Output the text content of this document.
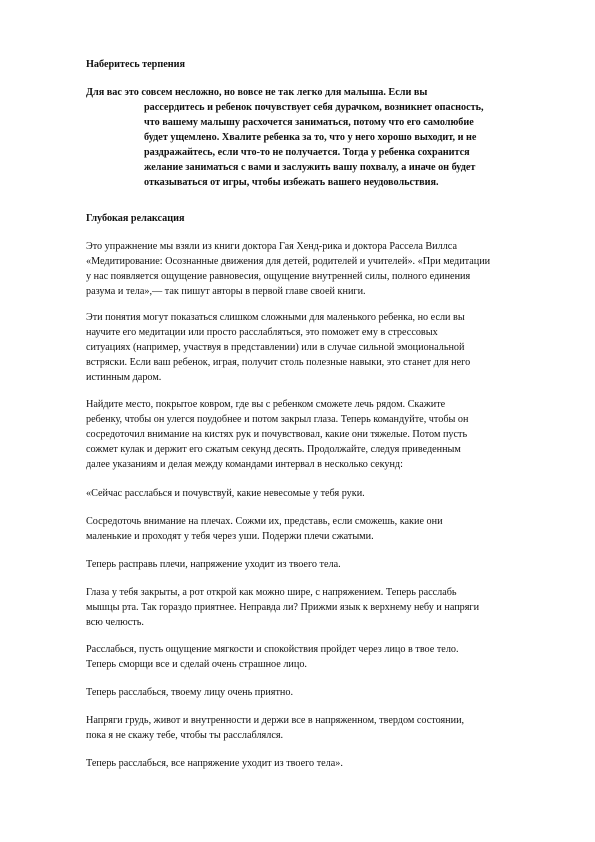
Наберитесь терпения
Для вас это совсем несложно, но вовсе не так легко для малыша. Если вы
рассердитесь и ребенок почувствует себя дурачком, возникнет опасность,
что вашему малышу расхочется заниматься, потому что его самолюбие
будет ущемлено. Хвалите ребенка за то, что у него хорошо выходит, и не
раздражайтесь, если что-то не получается. Тогда у ребенка сохранится
желание заниматься с вами и заслужить вашу похвалу, а иначе он будет
отказываться от игры, чтобы избежать вашего неудовольствия.
Глубокая релаксация
Это упражнение мы взяли из книги доктора Гая Хенд-рика и доктора Рассела Виллса
«Медитирование: Осознанные движения для детей, родителей и учителей». «При медитации
у нас появляется ощущение равновесия, ощущение внутренней силы, полного единения
разума и тела»,— так пишут авторы в первой главе своей книги.
Эти понятия могут показаться слишком сложными для маленького ребенка, но если вы
научите его медитации или просто расслабляться, это поможет ему в стрессовых
ситуациях (например, участвуя в представлении) или в случае сильной эмоциональной
встряски. Если ваш ребенок, играя, получит столь полезные навыки, это станет для него
истинным даром.
Найдите место, покрытое ковром, где вы с ребенком сможете лечь рядом. Скажите
ребенку, чтобы он улегся поудобнее и потом закрыл глаза. Теперь командуйте, чтобы он
сосредоточил внимание на кистях рук и почувствовал, какие они тяжелые. Потом пусть
сожмет кулак и держит его сжатым секунд десять. Продолжайте, следуя приведенным
далее указаниям и делая между командами интервал в несколько секунд:
«Сейчас расслабься и почувствуй, какие невесомые у тебя руки.
Сосредоточь внимание на плечах. Сожми их, представь, если сможешь, какие они
маленькие и проходят у тебя через уши. Подержи плечи сжатыми.
Теперь расправь плечи, напряжение уходит из твоего тела.
Глаза у тебя закрыты, а рот открой как можно шире, с напряжением. Теперь расслабь
мышцы рта. Так гораздо приятнее. Неправда ли? Прижми язык к верхнему небу и напряги
всю челюсть.
Расслабься, пусть ощущение мягкости и спокойствия пройдет через лицо в твое тело.
Теперь сморщи все и сделай очень страшное лицо.
Теперь расслабься, твоему лицу очень приятно.
Напряги грудь, живот и внутренности и держи все в напряженном, твердом состоянии,
пока я не скажу тебе, чтобы ты расслаблялся.
Теперь расслабься, все напряжение уходит из твоего тела».
